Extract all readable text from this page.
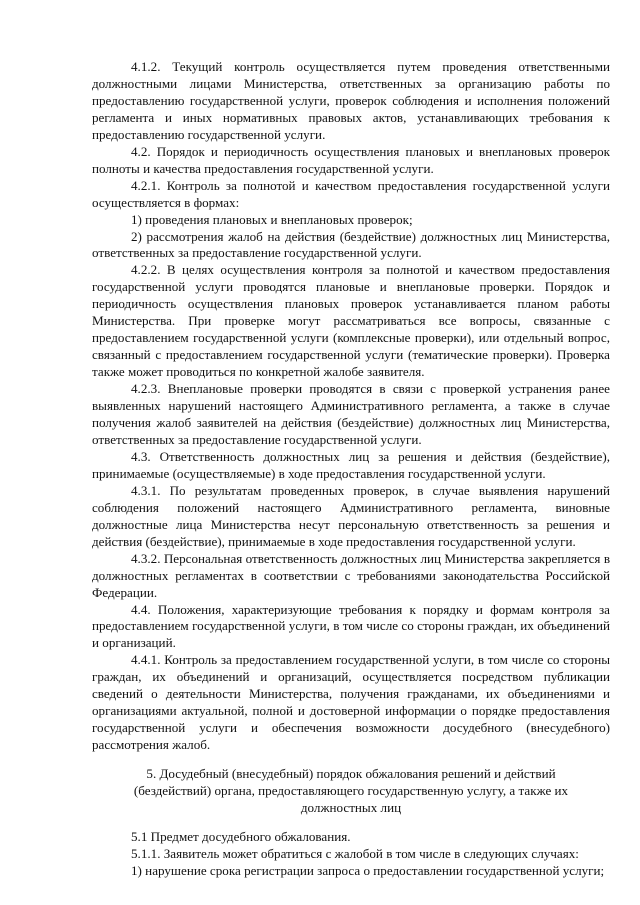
4.1.2. Текущий контроль осуществляется путем проведения ответственными должностными лицами Министерства, ответственных за организацию работы по предоставлению государственной услуги, проверок соблюдения и исполнения положений регламента и иных нормативных правовых актов, устанавливающих требования к предоставлению государственной услуги.

4.2. Порядок и периодичность осуществления плановых и внеплановых проверок полноты и качества предоставления государственной услуги.

4.2.1. Контроль за полнотой и качеством предоставления государственной услуги осуществляется в формах:

1) проведения плановых и внеплановых проверок;

2) рассмотрения жалоб на действия (бездействие) должностных лиц Министерства, ответственных за предоставление государственной услуги.

4.2.2. В целях осуществления контроля за полнотой и качеством предоставления государственной услуги проводятся плановые и внеплановые проверки. Порядок и периодичность осуществления плановых проверок устанавливается планом работы Министерства. При проверке могут рассматриваться все вопросы, связанные с предоставлением государственной услуги (комплексные проверки), или отдельный вопрос, связанный с предоставлением государственной услуги (тематические проверки). Проверка также может проводиться по конкретной жалобе заявителя.

4.2.3. Внеплановые проверки проводятся в связи с проверкой устранения ранее выявленных нарушений настоящего Административного регламента, а также в случае получения жалоб заявителей на действия (бездействие) должностных лиц Министерства, ответственных за предоставление государственной услуги.

4.3. Ответственность должностных лиц за решения и действия (бездействие), принимаемые (осуществляемые) в ходе предоставления государственной услуги.

4.3.1. По результатам проведенных проверок, в случае выявления нарушений соблюдения положений настоящего Административного регламента, виновные должностные лица Министерства несут персональную ответственность за решения и действия (бездействие), принимаемые в ходе предоставления государственной услуги.

4.3.2. Персональная ответственность должностных лиц Министерства закрепляется в должностных регламентах в соответствии с требованиями законодательства Российской Федерации.

4.4. Положения, характеризующие требования к порядку и формам контроля за предоставлением государственной услуги, в том числе со стороны граждан, их объединений и организаций.

4.4.1. Контроль за предоставлением государственной услуги, в том числе со стороны граждан, их объединений и организаций, осуществляется посредством публикации сведений о деятельности Министерства, получения гражданами, их объединениями и организациями актуальной, полной и достоверной информации о порядке предоставления государственной услуги и обеспечения возможности досудебного (внесудебного) рассмотрения жалоб.

5. Досудебный (внесудебный) порядок обжалования решений и действий (бездействий) органа, предоставляющего государственную услугу, а также их должностных лиц

5.1 Предмет досудебного обжалования.

5.1.1. Заявитель может обратиться с жалобой в том числе в следующих случаях:

1) нарушение срока регистрации запроса о предоставлении государственной услуги;
